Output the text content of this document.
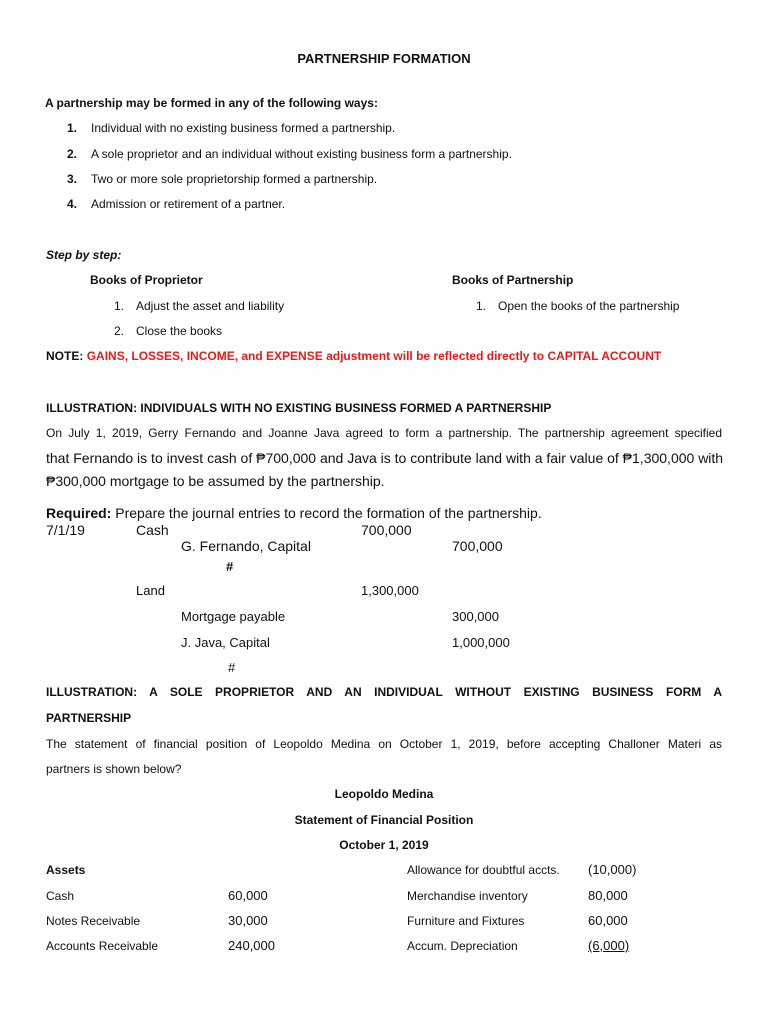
PARTNERSHIP FORMATION
A partnership may be formed in any of the following ways:
1. Individual with no existing business formed a partnership.
2. A sole proprietor and an individual without existing business form a partnership.
3. Two or more sole proprietorship formed a partnership.
4. Admission or retirement of a partner.
Step by step:
Books of Proprietor	Books of Partnership
1. Adjust the asset and liability
2. Close the books
1. Open the books of the partnership
NOTE: GAINS, LOSSES, INCOME, and EXPENSE adjustment will be reflected directly to CAPITAL ACCOUNT
ILLUSTRATION: INDIVIDUALS WITH NO EXISTING BUSINESS FORMED A PARTNERSHIP
On July 1, 2019, Gerry Fernando and Joanne Java agreed to form a partnership. The partnership agreement specified
that Fernando is to invest cash of ₱700,000 and Java is to contribute land with a fair value of ₱1,300,000 with
₱300,000 mortgage to be assumed by the partnership.
Required: Prepare the journal entries to record the formation of the partnership.
7/1/19	Cash	700,000
G. Fernando, Capital	700,000
#
Land	1,300,000
Mortgage payable	300,000
J. Java, Capital	1,000,000
#
ILLUSTRATION: A SOLE PROPRIETOR AND AN INDIVIDUAL WITHOUT EXISTING BUSINESS FORM A
PARTNERSHIP
The statement of financial position of Leopoldo Medina on October 1, 2019, before accepting Challoner Materi as
partners is shown below?
Leopoldo Medina
Statement of Financial Position
October 1, 2019
Assets
Cash	60,000
Notes Receivable	30,000
Accounts Receivable	240,000
Allowance for doubtful accts. (10,000)
Merchandise inventory	80,000
Furniture and Fixtures	60,000
Accum. Depreciation	(6,000)
